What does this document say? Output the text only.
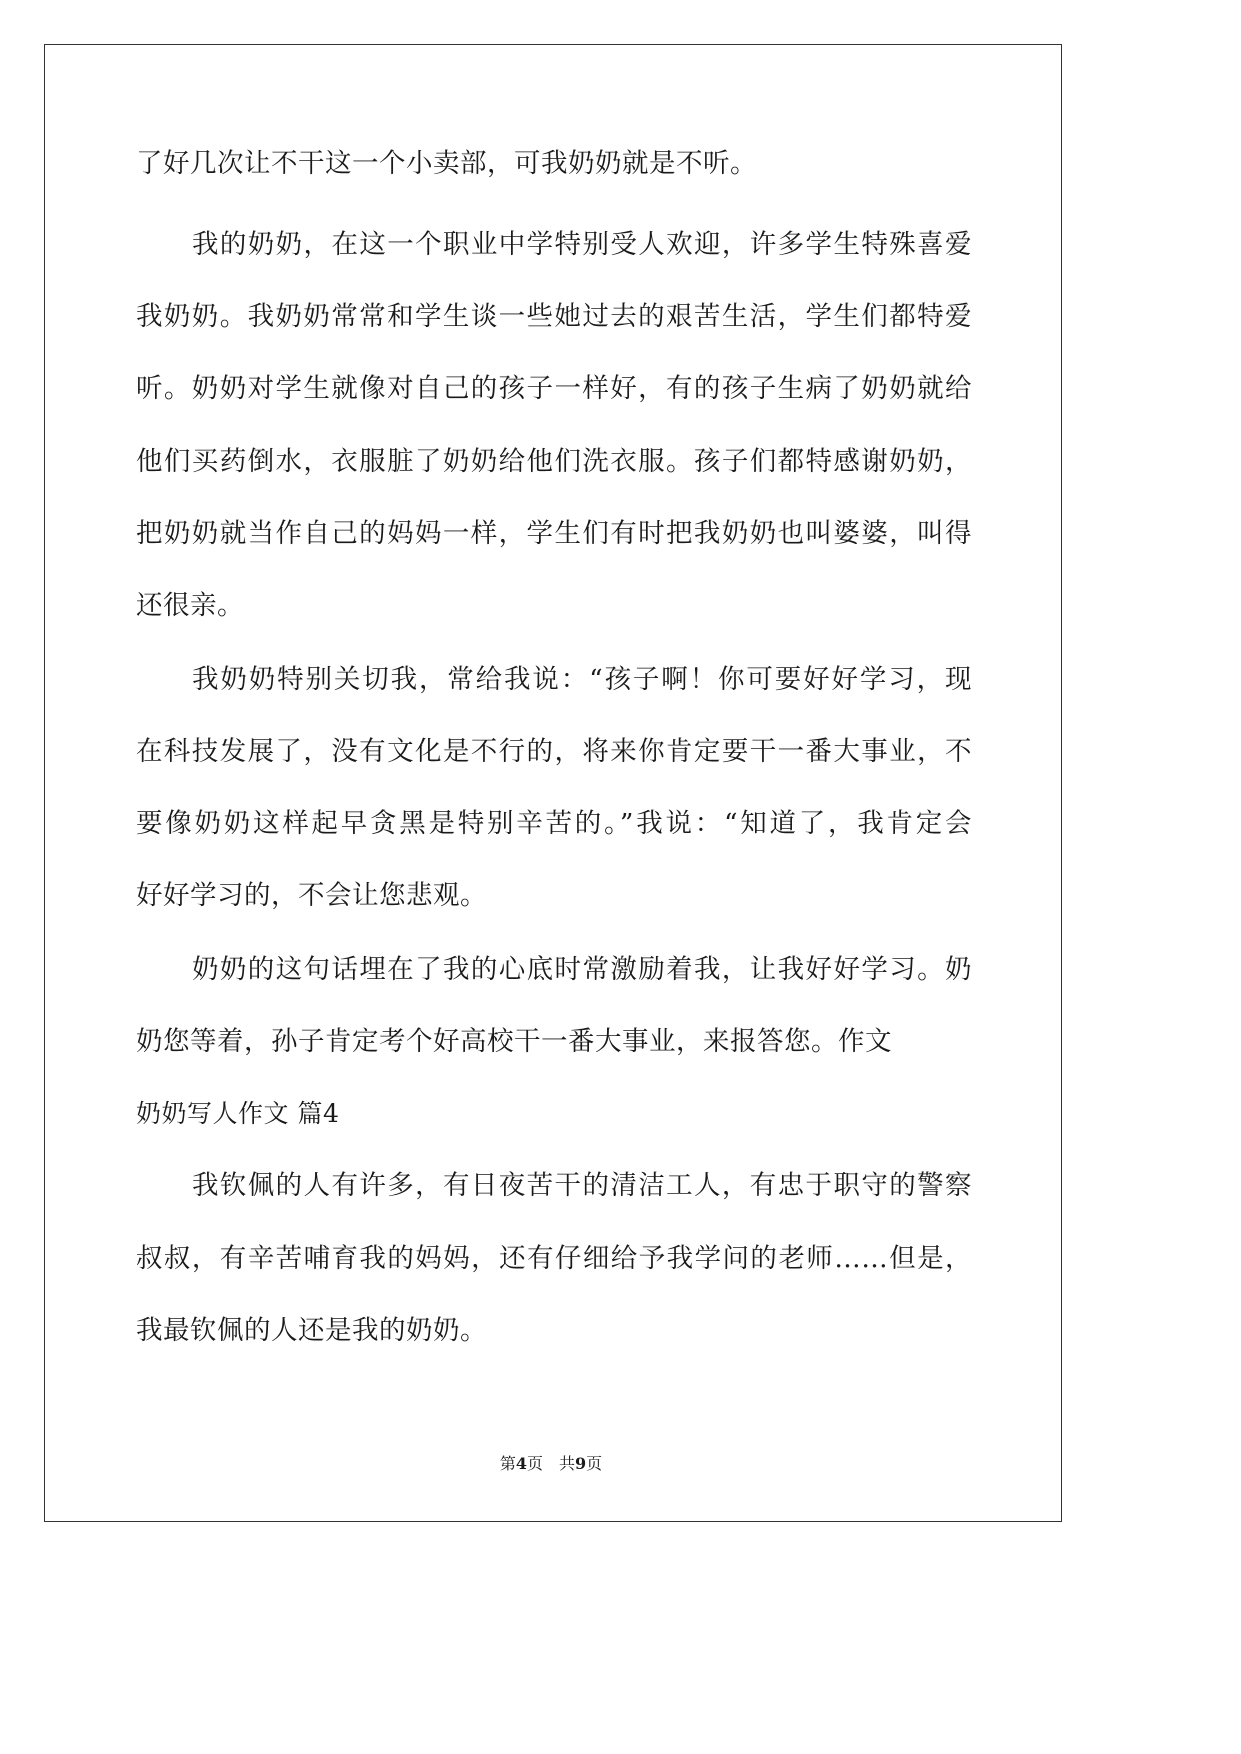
了好几次让不干这一个小卖部，可我奶奶就是不听。
我的奶奶，在这一个职业中学特别受人欢迎，许多学生特殊喜爱
我奶奶。我奶奶常常和学生谈一些她过去的艰苦生活，学生们都特爱
听。奶奶对学生就像对自己的孩子一样好，有的孩子生病了奶奶就给
他们买药倒水，衣服脏了奶奶给他们洗衣服。孩子们都特感谢奶奶，
把奶奶就当作自己的妈妈一样，学生们有时把我奶奶也叫婆婆，叫得
还很亲。
我奶奶特别关切我，常给我说：“孩子啊！你可要好好学习，现
在科技发展了，没有文化是不行的，将来你肯定要干一番大事业，不
要像奶奶这样起早贪黑是特别辛苦的。”我说：“知道了，我肯定会
好好学习的，不会让您悲观。
奶奶的这句话埋在了我的心底时常激励着我，让我好好学习。奶
奶您等着，孙子肯定考个好高校干一番大事业，来报答您。作文
奶奶写人作文 篇4
我钦佩的人有许多，有日夜苦干的清洁工人，有忠于职守的警察
叔叔，有辛苦哺育我的妈妈，还有仔细给予我学问的老师……但是，
我最钦佩的人还是我的奶奶。
第4页 共9页
